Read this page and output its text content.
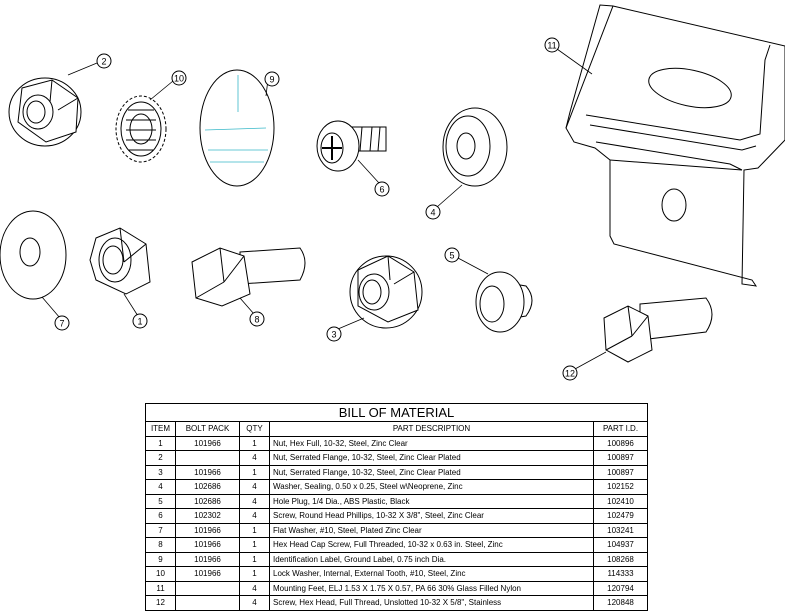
2
10	9
6
4
11
7	1	8
3
5
12
BILL OF MATERIAL				
ITEM	BOLT PACK	QTY	PART DESCRIPTION	PART I.D.
1	101966	1	Nut, Hex Full, 10-32, Steel, Zinc Clear	100896
2		4	Nut, Serrated Flange, 10-32, Steel, Zinc Clear Plated	100897
3	101966	1	Nut, Serrated Flange, 10-32, Steel, Zinc Clear Plated	100897
4	102686	4	Washer, Sealing, 0.50 x 0.25, Steel w\Neoprene, Zinc	102152
5	102686	4	Hole Plug, 1/4 Dia., ABS Plastic, Black	102410
6	102302	4	Screw, Round Head Phillips, 10-32 X 3/8", Steel, Zinc Clear	102479
7	101966	1	Flat Washer, #10, Steel, Plated Zinc Clear	103241
8	101966	1	Hex Head Cap Screw, Full Threaded, 10-32 x 0.63 in. Steel, Zinc	104937
9	101966	1	Identification Label, Ground Label, 0.75 inch Dia.	108268
10	101966	1	Lock Washer, Internal, External Tooth, #10, Steel, Zinc	114333
11		4	Mounting Feet, ELJ 1.53 X 1.75 X 0.57, PA 66 30% Glass Filled Nylon	120794
12		4	Screw, Hex Head, Full Thread, Unslotted 10-32 X 5/8", Stainless	120848
